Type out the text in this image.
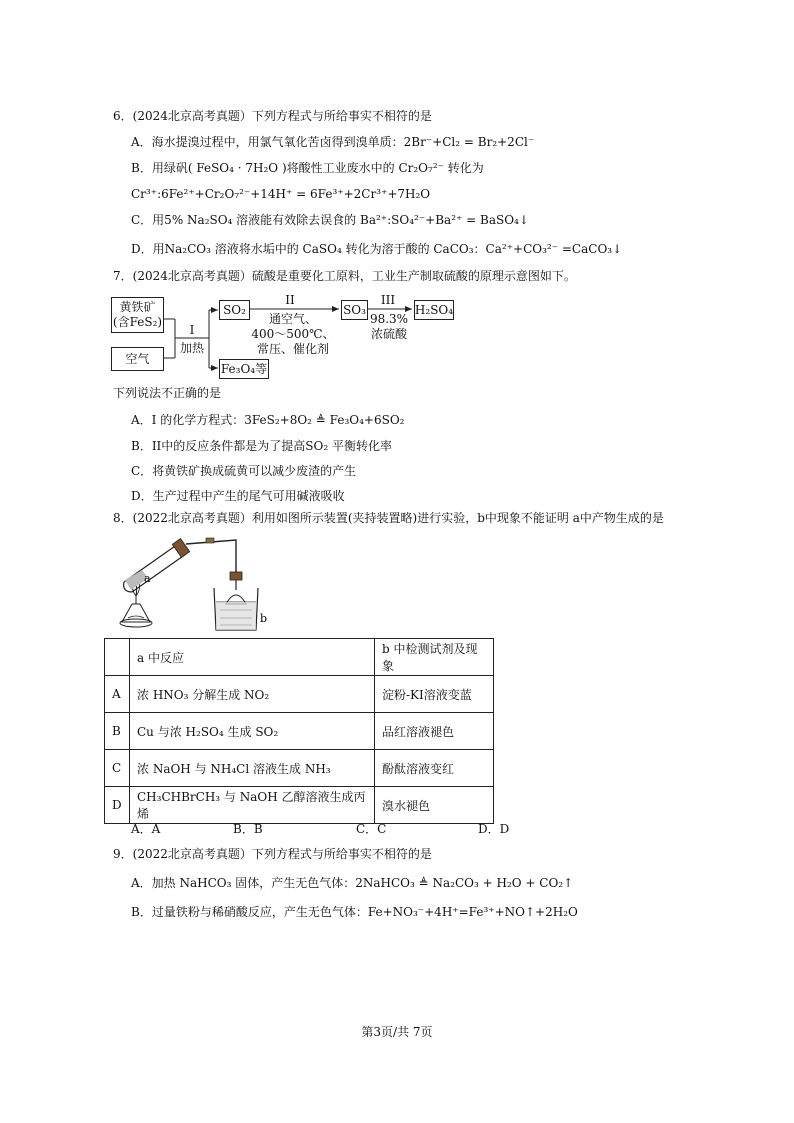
6．(2024北京高考真题）下列方程式与所给事实不相符的是
A．海水提溴过程中，用氯气氧化苦卤得到溴单质：2Br⁻+Cl₂ = Br₂+2Cl⁻
B．用绿矾( FeSO₄ · 7H₂O )将酸性工业废水中的 Cr₂O₇²⁻ 转化为
Cr³⁺:6Fe²⁺+Cr₂O₇²⁻+14H⁺ = 6Fe³⁺+2Cr³⁺+7H₂O
C．用5% Na₂SO₄ 溶液能有效除去误食的 Ba²⁺:SO₄²⁻+Ba²⁺ = BaSO₄↓
D．用Na₂CO₃ 溶液将水垢中的 CaSO₄ 转化为溶于酸的 CaCO₃：Ca²⁺+CO₃²⁻ =CaCO₃↓
7．(2024北京高考真题）硫酸是重要化工原料，工业生产制取硫酸的原理示意图如下。
黄铁矿
(含FeS₂)
空气
I
加热
SO₂
Fe₃O₄等
II
通空气、
400～500℃、
常压、催化剂
SO₃
III
98.3%
浓硫酸
H₂SO₄
下列说法不正确的是
A．I 的化学方程式：3FeS₂+8O₂ ≜ Fe₃O₄+6SO₂
B．II中的反应条件都是为了提高SO₂ 平衡转化率
C．将黄铁矿换成硫黄可以减少废渣的产生
D．生产过程中产生的尾气可用碱液吸收
8．(2022北京高考真题）利用如图所示装置(夹持装置略)进行实验，b中现象不能证明 a中产物生成的是
a
b
	a 中反应	b 中检测试剂及现象
A	浓 HNO₃ 分解生成 NO₂	淀粉-KI溶液变蓝
B	Cu 与浓 H₂SO₄ 生成 SO₂	品红溶液褪色
C	浓 NaOH 与 NH₄Cl 溶液生成 NH₃	酚酞溶液变红
D	CH₃CHBrCH₃ 与 NaOH 乙醇溶液生成丙烯	溴水褪色
A．A	B．B	C．C	D．D
9．(2022北京高考真题）下列方程式与所给事实不相符的是
A．加热 NaHCO₃ 固体，产生无色气体：2NaHCO₃ ≜ Na₂CO₃ + H₂O + CO₂↑
B．过量铁粉与稀硝酸反应，产生无色气体：Fe+NO₃⁻+4H⁺=Fe³⁺+NO↑+2H₂O
第3页/共 7页
